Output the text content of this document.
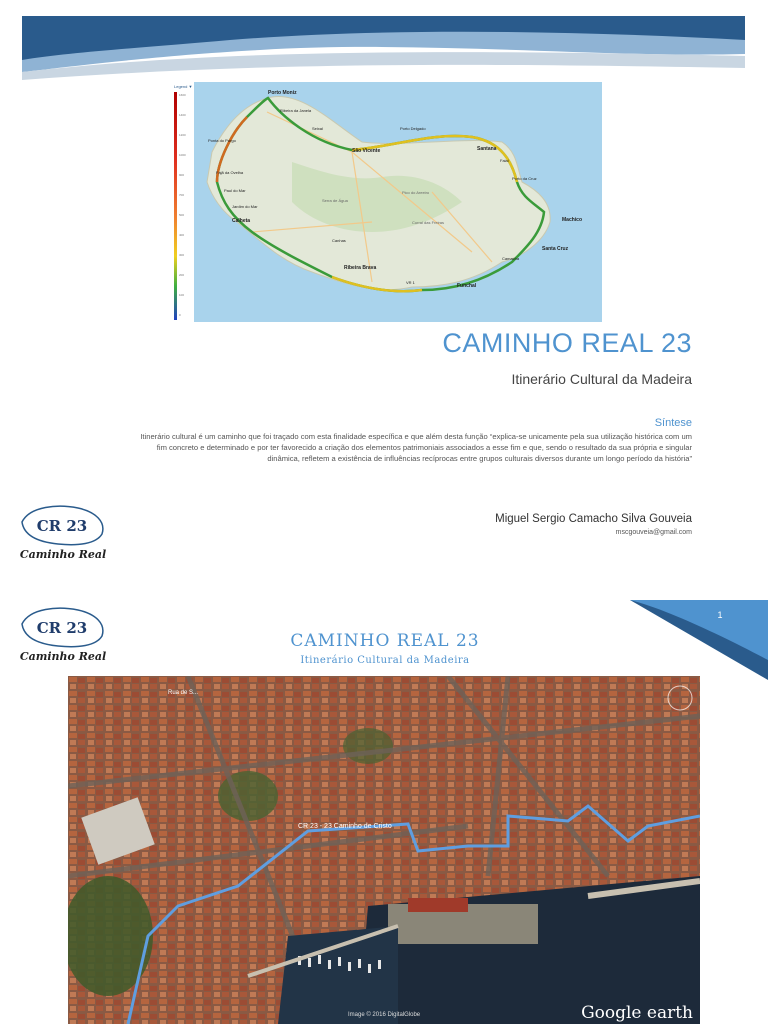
1600
1400
1200
1000
900
700
500
400
300
200
100
0
Legend ▼
Porto Moniz
Ribeira da Janela
Seixal
São Vicente
Porto Delgado
Santana
Faial
Porto da Cruz
Machico
Santa Cruz
Camacha
Funchal
Ribeira Brava
Calheta
Ponta do Pargo
Paul do Mar
Jardim do Mar
Fajã da Ovelha
Pico do Areeiro
Curral das Freiras
Canhas
Serra de Água
VR 1
CAMINHO REAL 23
Itinerário Cultural da Madeira
Síntese
Itinerário cultural é um caminho que foi traçado com esta finalidade específica e que além desta função “explica-se unicamente pela sua utilização histórica com um fim concreto e determinado e por ter favorecido a criação dos elementos patrimoniais associados a esse fim e que, sendo o resultado da sua própria e singular dinâmica, refletem a existência de influências recíprocas entre grupos culturais diversos durante um longo período da história”
Miguel Sergio Camacho Silva Gouveia
mscgouveia@gmail.com
CR 23
Caminho Real
1
CR 23
Caminho Real
CAMINHO REAL 23
Itinerário Cultural da Madeira
CR 23 - 23 Caminho de Cristo
Rua de S...
Image © 2016 DigitalGlobe	Google earth
